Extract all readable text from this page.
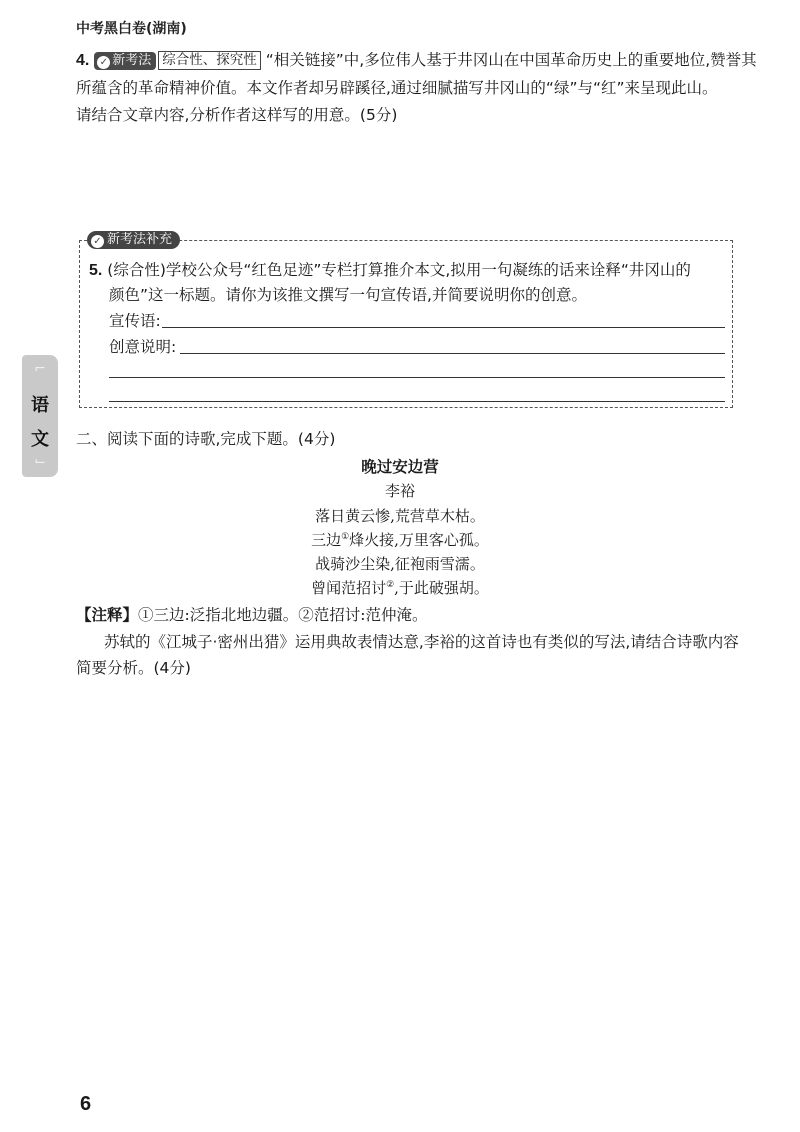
中考黑白卷(湖南)
4. ✓ 新考法 综合性、探究性 “相关链接”中,多位伟人基于井冈山在中国革命历史上的重要地位,赞誉其
所蕴含的革命精神价值。本文作者却另辟蹊径,通过细腻描写井冈山的“绿”与“红”来呈现此山。
请结合文章内容,分析作者这样写的用意。(5分)
✓ 新考法补充
5. (综合性)学校公众号“红色足迹”专栏打算推介本文,拟用一句凝练的话来诠释“井冈山的
颜色”这一标题。请你为该推文撰写一句宣传语,并简要说明你的创意。
宣传语:
创意说明:
⌐
语
文
⌙
二、阅读下面的诗歌,完成下题。(4分)
晚过安边营
李裕
落日黄云惨,荒营草木枯。
三边①烽火接,万里客心孤。
战骑沙尘染,征袍雨雪濡。
曾闻范招讨②,于此破强胡。
【注释】①三边:泛指北地边疆。②范招讨:范仲淹。
苏轼的《江城子·密州出猎》运用典故表情达意,李裕的这首诗也有类似的写法,请结合诗歌内容
简要分析。(4分)
6
